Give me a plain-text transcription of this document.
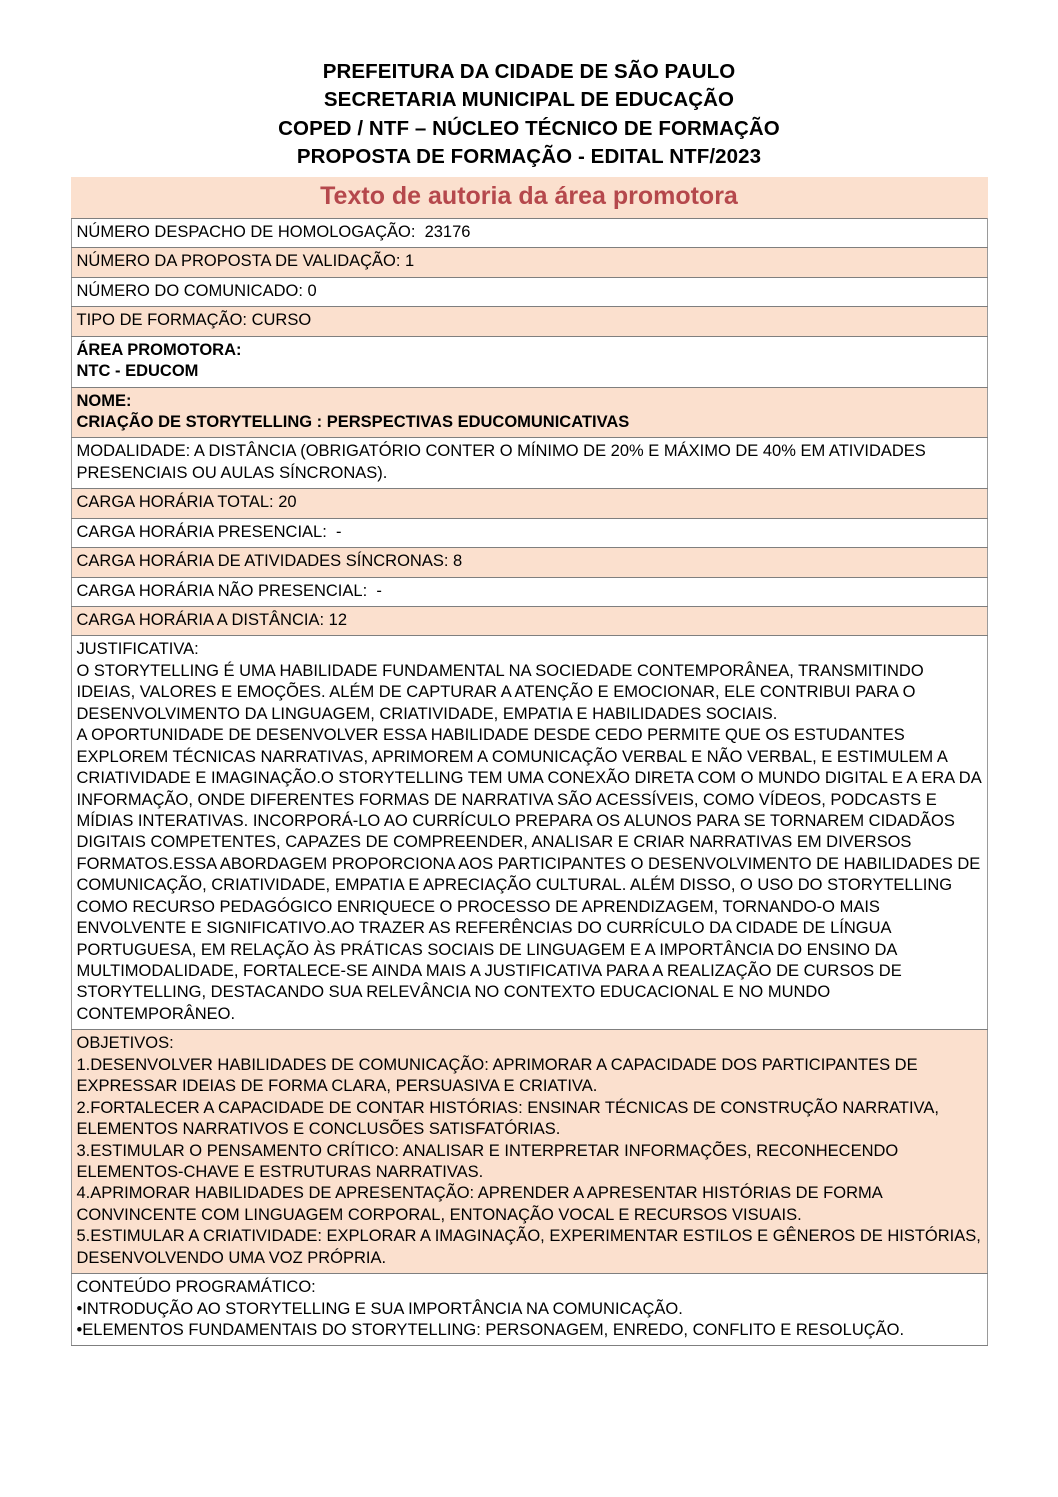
PREFEITURA DA CIDADE DE SÃO PAULO
SECRETARIA MUNICIPAL DE EDUCAÇÃO
COPED / NTF – NÚCLEO TÉCNICO DE FORMAÇÃO
PROPOSTA DE FORMAÇÃO - EDITAL NTF/2023
Texto de autoria da área promotora
NÚMERO DESPACHO DE HOMOLOGAÇÃO:  23176

NÚMERO DA PROPOSTA DE VALIDAÇÃO: 1

NÚMERO DO COMUNICADO: 0

TIPO DE FORMAÇÃO: CURSO

ÁREA PROMOTORA:
NTC - EDUCOM

NOME:
CRIAÇÃO DE STORYTELLING : PERSPECTIVAS EDUCOMUNICATIVAS

MODALIDADE: A DISTÂNCIA (OBRIGATÓRIO CONTER O MÍNIMO DE 20% E MÁXIMO DE 40% EM ATIVIDADES PRESENCIAIS OU AULAS SÍNCRONAS).

CARGA HORÁRIA TOTAL: 20

CARGA HORÁRIA PRESENCIAL:  -

CARGA HORÁRIA DE ATIVIDADES SÍNCRONAS: 8

CARGA HORÁRIA NÃO PRESENCIAL:  -

CARGA HORÁRIA A DISTÂNCIA: 12

JUSTIFICATIVA:
O STORYTELLING É UMA HABILIDADE FUNDAMENTAL NA SOCIEDADE CONTEMPORÂNEA, TRANSMITINDO IDEIAS, VALORES E EMOÇÕES. ALÉM DE CAPTURAR A ATENÇÃO E EMOCIONAR, ELE CONTRIBUI PARA O DESENVOLVIMENTO DA LINGUAGEM, CRIATIVIDADE, EMPATIA E HABILIDADES SOCIAIS.
A OPORTUNIDADE DE DESENVOLVER ESSA HABILIDADE DESDE CEDO PERMITE QUE OS ESTUDANTES EXPLOREM TÉCNICAS NARRATIVAS, APRIMOREM A COMUNICAÇÃO VERBAL E NÃO VERBAL, E ESTIMULEM A CRIATIVIDADE E IMAGINAÇÃO.O STORYTELLING TEM UMA CONEXÃO DIRETA COM O MUNDO DIGITAL E A ERA DA INFORMAÇÃO, ONDE DIFERENTES FORMAS DE NARRATIVA SÃO ACESSÍVEIS, COMO VÍDEOS, PODCASTS E MÍDIAS INTERATIVAS. INCORPORÁ-LO AO CURRÍCULO PREPARA OS ALUNOS PARA SE TORNAREM CIDADÃOS DIGITAIS COMPETENTES, CAPAZES DE COMPREENDER, ANALISAR E CRIAR NARRATIVAS EM DIVERSOS FORMATOS.ESSA ABORDAGEM PROPORCIONA AOS PARTICIPANTES O DESENVOLVIMENTO DE HABILIDADES DE COMUNICAÇÃO, CRIATIVIDADE, EMPATIA E APRECIAÇÃO CULTURAL. ALÉM DISSO, O USO DO STORYTELLING COMO RECURSO PEDAGÓGICO ENRIQUECE O PROCESSO DE APRENDIZAGEM, TORNANDO-O MAIS ENVOLVENTE E SIGNIFICATIVO.AO TRAZER AS REFERÊNCIAS DO CURRÍCULO DA CIDADE DE LÍNGUA PORTUGUESA, EM RELAÇÃO ÀS PRÁTICAS SOCIAIS DE LINGUAGEM E A IMPORTÂNCIA DO ENSINO DA MULTIMODALIDADE, FORTALECE-SE AINDA MAIS A JUSTIFICATIVA PARA A REALIZAÇÃO DE CURSOS DE STORYTELLING, DESTACANDO SUA RELEVÂNCIA NO CONTEXTO EDUCACIONAL E NO MUNDO CONTEMPORÂNEO.

OBJETIVOS:
1.DESENVOLVER HABILIDADES DE COMUNICAÇÃO: APRIMORAR A CAPACIDADE DOS PARTICIPANTES DE EXPRESSAR IDEIAS DE FORMA CLARA, PERSUASIVA E CRIATIVA.
2.FORTALECER A CAPACIDADE DE CONTAR HISTÓRIAS: ENSINAR TÉCNICAS DE CONSTRUÇÃO NARRATIVA, ELEMENTOS NARRATIVOS E CONCLUSÕES SATISFATÓRIAS.
3.ESTIMULAR O PENSAMENTO CRÍTICO: ANALISAR E INTERPRETAR INFORMAÇÕES, RECONHECENDO ELEMENTOS-CHAVE E ESTRUTURAS NARRATIVAS.
4.APRIMORAR HABILIDADES DE APRESENTAÇÃO: APRENDER A APRESENTAR HISTÓRIAS DE FORMA CONVINCENTE COM LINGUAGEM CORPORAL, ENTONAÇÃO VOCAL E RECURSOS VISUAIS.
5.ESTIMULAR A CRIATIVIDADE: EXPLORAR A IMAGINAÇÃO, EXPERIMENTAR ESTILOS E GÊNEROS DE HISTÓRIAS, DESENVOLVENDO UMA VOZ PRÓPRIA.

CONTEÚDO PROGRAMÁTICO:
•INTRODUÇÃO AO STORYTELLING E SUA IMPORTÂNCIA NA COMUNICAÇÃO.
•ELEMENTOS FUNDAMENTAIS DO STORYTELLING: PERSONAGEM, ENREDO, CONFLITO E RESOLUÇÃO.
